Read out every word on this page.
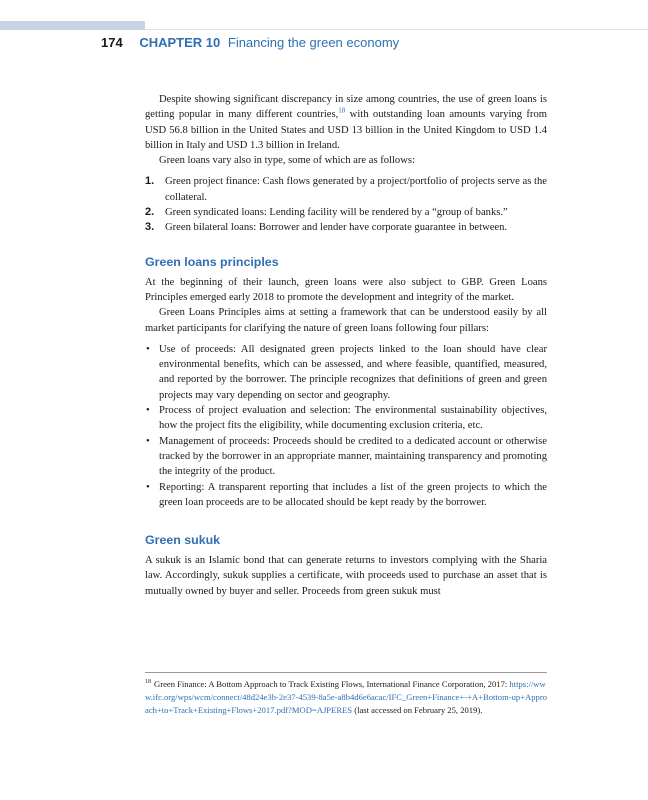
174 CHAPTER 10 Financing the green economy

Despite showing significant discrepancy in size among countries, the use of green loans is getting popular in many different countries,$^{18}$ with outstanding loan amounts varying from USD 56.8 billion in the United States and USD 13 billion in the United Kingdom to USD 1.4 billion in Italy and USD 1.3 billion in Ireland.

Green loans vary also in type, some of which are as follows:

1. Green project finance: Cash flows generated by a project/portfolio of projects serve as the collateral.
2. Green syndicated loans: Lending facility will be rendered by a “group of banks.”
3. Green bilateral loans: Borrower and lender have corporate guarantee in between.
Green loans principles

At the beginning of their launch, green loans were also subject to GBP. Green Loans Principles emerged early 2018 to promote the development and integrity of the market.

Green Loans Principles aims at setting a framework that can be understood easily by all market participants for clarifying the nature of green loans following four pillars:

• Use of proceeds: All designated green projects linked to the loan should have clear environmental benefits, which can be assessed, and where feasible, quantified, measured, and reported by the borrower. The principle recognizes that definitions of green and green projects may vary depending on sector and geography.
• Process of project evaluation and selection: The environmental sustainability objectives, how the project fits the eligibility, while documenting exclusion criteria, etc.
• Management of proceeds: Proceeds should be credited to a dedicated account or otherwise tracked by the borrower in an appropriate manner, maintaining transparency and promoting the integrity of the product.
• Reporting: A transparent reporting that includes a list of the green projects to which the green loan proceeds are to be allocated should be kept ready by the borrower.
Green sukuk

A sukuk is an Islamic bond that can generate returns to investors complying with the Sharia law. Accordingly, sukuk supplies a certificate, with proceeds used to purchase an asset that is mutually owned by buyer and seller. Proceeds from green sukuk must

$^{18}$ Green Finance: A Bottom Approach to Track Existing Flows, International Finance Corporation, 2017: https://www.ifc.org/wps/wcm/connect/48d24e3b-2e37-4539-8a5e-a8b4d6e6acac/IFC_Green+Finance+-+A+Bottom-up+Approach+to+Track+Existing+Flows+2017.pdf?MOD=AJPERES (last accessed on February 25, 2019).
